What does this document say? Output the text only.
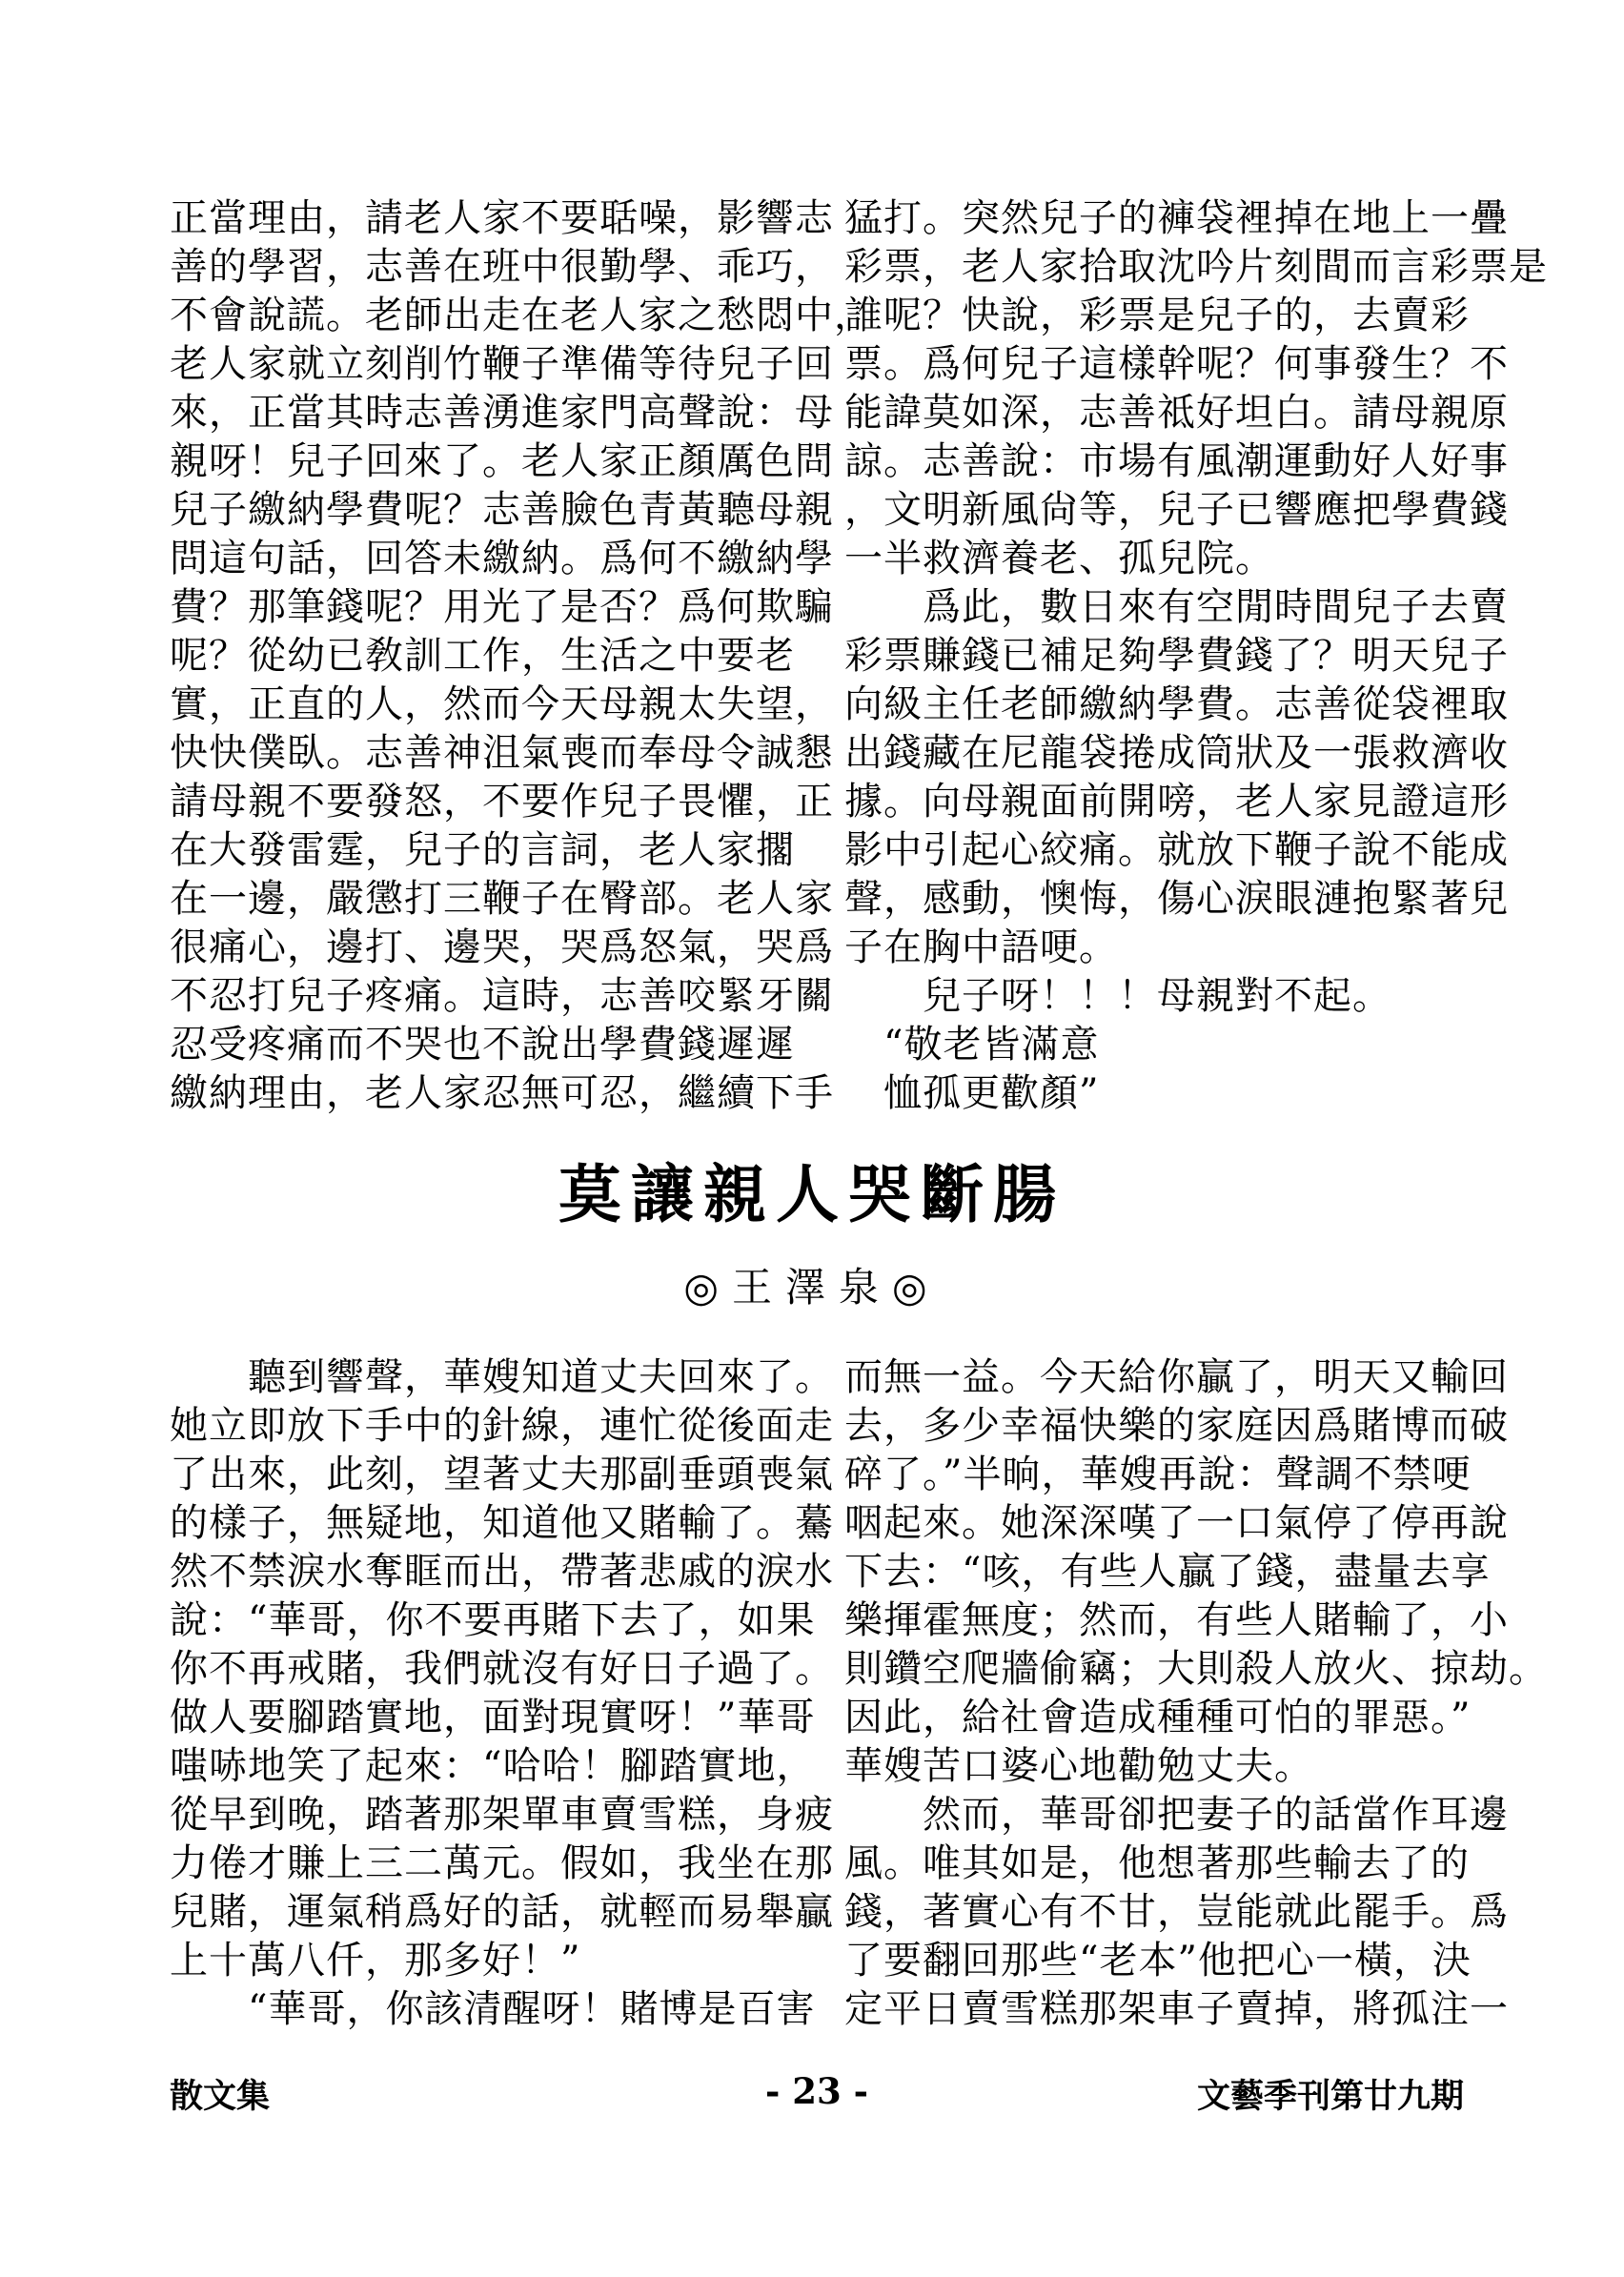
正當理由，請老人家不要聒噪，影響志
善的學習，志善在班中很勤學、乖巧，
不會說謊。老師出走在老人家之愁悶中，
老人家就立刻削竹鞭子準備等待兒子回
來，正當其時志善湧進家門高聲說：母
親呀！兒子回來了。老人家正顏厲色問
兒子繳納學費呢？志善臉色青黃聽母親
問這句話，回答未繳納。爲何不繳納學
費？那筆錢呢？用光了是否？爲何欺騙
呢？從幼已敎訓工作，生活之中要老
實，正直的人，然而今天母親太失望，
快快僕臥。志善神沮氣喪而奉母令誠懇
請母親不要發怒，不要作兒子畏懼，正
在大發雷霆，兒子的言詞，老人家擱
在一邊，嚴懲打三鞭子在臀部。老人家
很痛心，邊打、邊哭，哭爲怒氣，哭爲
不忍打兒子疼痛。這時，志善咬緊牙關
忍受疼痛而不哭也不說出學費錢遲遲
繳納理由，老人家忍無可忍，繼續下手
猛打。突然兒子的褲袋裡掉在地上一疊
彩票，老人家拾取沈吟片刻間而言彩票是
誰呢？快說，彩票是兒子的，去賣彩
票。爲何兒子這樣幹呢？何事發生？不
能諱莫如深，志善祗好坦白。請母親原
諒。志善說：市場有風潮運動好人好事
，文明新風尙等，兒子已響應把學費錢
一半救濟養老、孤兒院。
　　爲此，數日來有空閒時間兒子去賣
彩票賺錢已補足夠學費錢了？明天兒子
向級主任老師繳納學費。志善從袋裡取
出錢藏在尼龍袋捲成筒狀及一張救濟收
據。向母親面前開嗙，老人家見證這形
影中引起心絞痛。就放下鞭子說不能成
聲，感動，懊悔，傷心淚眼漣抱緊著兒
子在胸中語哽。
　　兒子呀！！！母親對不起。
　“敬老皆滿意
　恤孤更歡顏”
莫讓親人哭斷腸
◎王澤泉◎
　　聽到響聲，華嫂知道丈夫回來了。
她立即放下手中的針線，連忙從後面走
了出來，此刻，望著丈夫那副垂頭喪氣
的樣子，無疑地，知道他又賭輸了。驀
然不禁淚水奪眶而出，帶著悲戚的淚水
說：“華哥，你不要再賭下去了，如果
你不再戒賭，我們就沒有好日子過了。
做人要腳踏實地，面對現實呀！”華哥
嗤哧地笑了起來：“哈哈！腳踏實地，
從早到晚，踏著那架單車賣雪糕，身疲
力倦才賺上三二萬元。假如，我坐在那
兒賭，運氣稍爲好的話，就輕而易舉贏
上十萬八仟，那多好！”
　　“華哥，你該清醒呀！賭博是百害
而無一益。今天給你贏了，明天又輸回
去，多少幸福快樂的家庭因爲賭博而破
碎了。”半晌，華嫂再說：聲調不禁哽
咽起來。她深深嘆了一口氣停了停再說
下去：“咳，有些人贏了錢，盡量去享
樂揮霍無度；然而，有些人賭輸了，小
則鑽空爬牆偷竊；大則殺人放火、掠劫。
因此，給社會造成種種可怕的罪惡。”
華嫂苦口婆心地勸勉丈夫。
　　然而，華哥卻把妻子的話當作耳邊
風。唯其如是，他想著那些輸去了的
錢，著實心有不甘，豈能就此罷手。爲
了要翻回那些“老本”他把心一橫，決
定平日賣雪糕那架車子賣掉，將孤注一
散文集	- 23 -	文藝季刊第廿九期
